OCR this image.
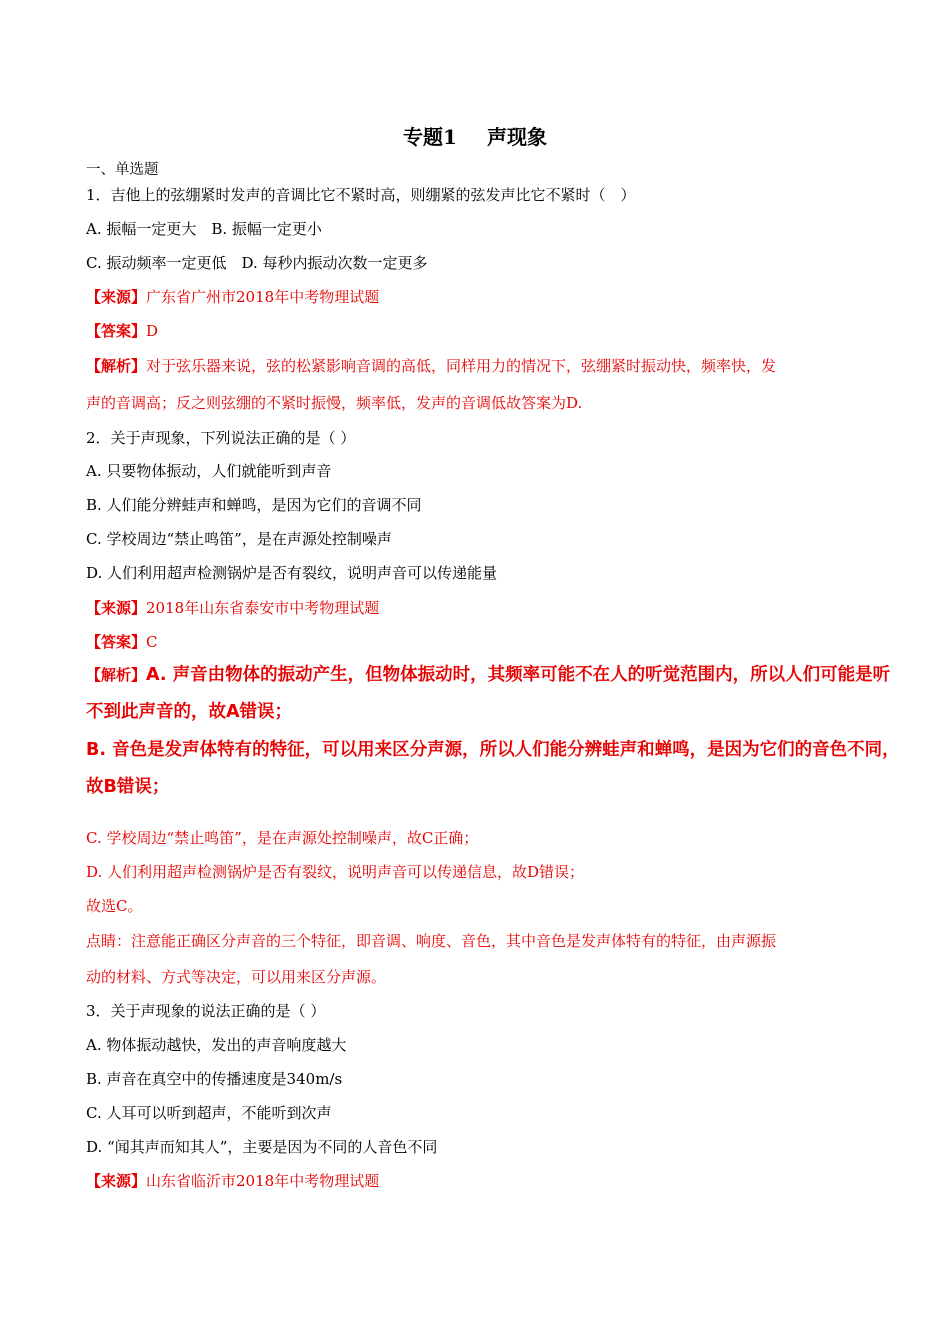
专题1 声现象
一、单选题
1．吉他上的弦绷紧时发声的音调比它不紧时高，则绷紧的弦发声比它不紧时（　）
A. 振幅一定更大　B. 振幅一定更小
C. 振动频率一定更低　D. 每秒内振动次数一定更多
【来源】广东省广州市2018年中考物理试题
【答案】D
【解析】对于弦乐器来说，弦的松紧影响音调的高低，同样用力的情况下，弦绷紧时振动快，频率快，发
声的音调高；反之则弦绷的不紧时振慢，频率低，发声的音调低故答案为D.
2．关于声现象，下列说法正确的是（ ）
A. 只要物体振动，人们就能听到声音
B. 人们能分辨蛙声和蝉鸣，是因为它们的音调不同
C. 学校周边“禁止鸣笛”，是在声源处控制噪声
D. 人们利用超声检测锅炉是否有裂纹，说明声音可以传递能量
【来源】2018年山东省泰安市中考物理试题
【答案】C
【解析】A. 声音由物体的振动产生，但物体振动时，其频率可能不在人的听觉范围内，所以人们可能是听
不到此声音的，故A错误；
B. 音色是发声体特有的特征，可以用来区分声源，所以人们能分辨蛙声和蝉鸣，是因为它们的音色不同，
故B错误；
C. 学校周边“禁止鸣笛”，是在声源处控制噪声，故C正确；
D. 人们利用超声检测锅炉是否有裂纹，说明声音可以传递信息，故D错误；
故选C。
点睛：注意能正确区分声音的三个特征，即音调、响度、音色，其中音色是发声体特有的特征，由声源振
动的材料、方式等决定，可以用来区分声源。
3．关于声现象的说法正确的是（ ）
A. 物体振动越快，发出的声音响度越大
B. 声音在真空中的传播速度是340m/s
C. 人耳可以听到超声，不能听到次声
D. “闻其声而知其人”，主要是因为不同的人音色不同
【来源】山东省临沂市2018年中考物理试题
